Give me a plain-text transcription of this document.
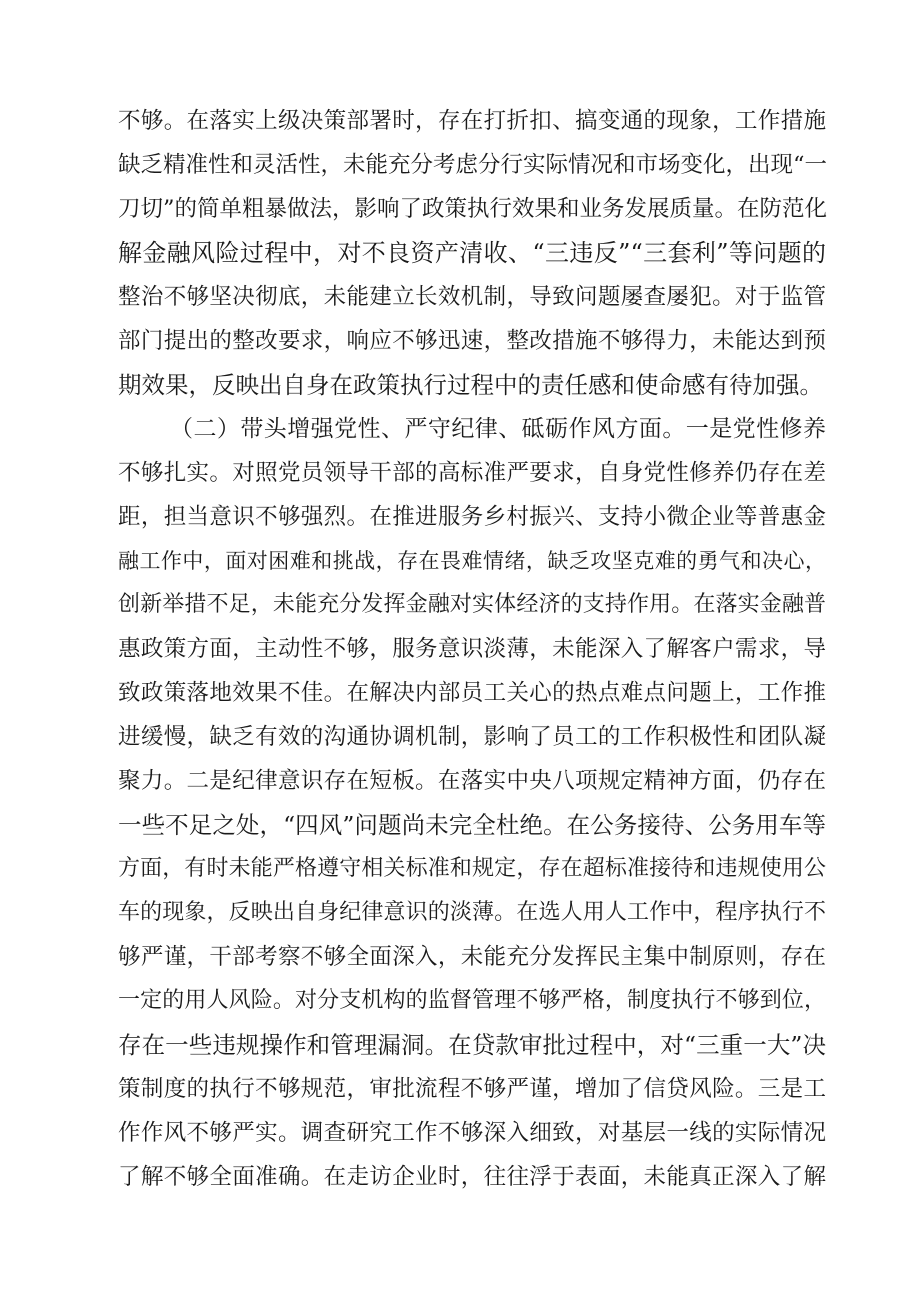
不够。在落实上级决策部署时，存在打折扣、搞变通的现象，工作措施
缺乏精准性和灵活性，未能充分考虑分行实际情况和市场变化，出现“一
刀切”的简单粗暴做法，影响了政策执行效果和业务发展质量。在防范化
解金融风险过程中，对不良资产清收、“三违反”“三套利”等问题的
整治不够坚决彻底，未能建立长效机制，导致问题屡查屡犯。对于监管
部门提出的整改要求，响应不够迅速，整改措施不够得力，未能达到预
期效果，反映出自身在政策执行过程中的责任感和使命感有待加强。
（二）带头增强党性、严守纪律、砥砺作风方面。一是党性修养
不够扎实。对照党员领导干部的高标准严要求，自身党性修养仍存在差
距，担当意识不够强烈。在推进服务乡村振兴、支持小微企业等普惠金
融工作中，面对困难和挑战，存在畏难情绪，缺乏攻坚克难的勇气和决心，
创新举措不足，未能充分发挥金融对实体经济的支持作用。在落实金融普
惠政策方面，主动性不够，服务意识淡薄，未能深入了解客户需求，导
致政策落地效果不佳。在解决内部员工关心的热点难点问题上，工作推
进缓慢，缺乏有效的沟通协调机制，影响了员工的工作积极性和团队凝
聚力。二是纪律意识存在短板。在落实中央八项规定精神方面，仍存在
一些不足之处，“四风”问题尚未完全杜绝。在公务接待、公务用车等
方面，有时未能严格遵守相关标准和规定，存在超标准接待和违规使用公
车的现象，反映出自身纪律意识的淡薄。在选人用人工作中，程序执行不
够严谨，干部考察不够全面深入，未能充分发挥民主集中制原则，存在
一定的用人风险。对分支机构的监督管理不够严格，制度执行不够到位，
存在一些违规操作和管理漏洞。在贷款审批过程中，对“三重一大”决
策制度的执行不够规范，审批流程不够严谨，增加了信贷风险。三是工
作作风不够严实。调查研究工作不够深入细致，对基层一线的实际情况
了解不够全面准确。在走访企业时，往往浮于表面，未能真正深入了解
